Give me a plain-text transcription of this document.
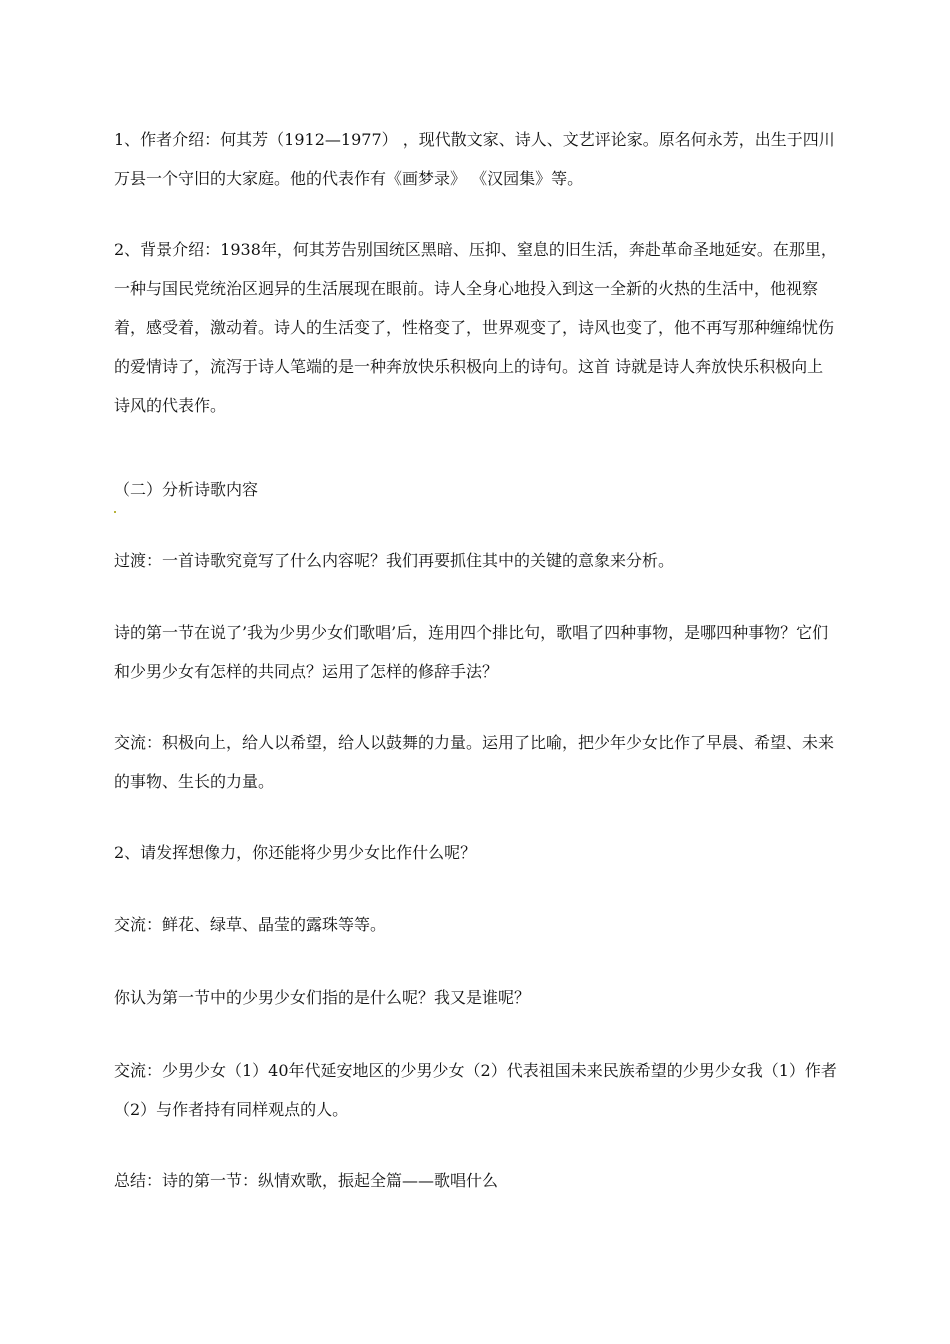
1、作者介绍：何其芳（1912—1977） ，现代散文家、诗人、文艺评论家。原名何永芳，出生于四川万县一个守旧的大家庭。他的代表作有《画梦录》 《汉园集》等。

2、背景介绍：1938年，何其芳告别国统区黑暗、压抑、窒息的旧生活，奔赴革命圣地延安。在那里，一种与国民党统治区迥异的生活展现在眼前。诗人全身心地投入到这一全新的火热的生活中，他视察着，感受着，激动着。诗人的生活变了，性格变了，世界观变了，诗风也变了，他不再写那种缠绵忧伤的爱情诗了，流泻于诗人笔端的是一种奔放快乐积极向上的诗句。这首 诗就是诗人奔放快乐积极向上诗风的代表作。

（二）分析诗歌内容

过渡：一首诗歌究竟写了什么内容呢？我们再要抓住其中的关键的意象来分析。

诗的第一节在说了’我为少男少女们歌唱’后，连用四个排比句，歌唱了四种事物，是哪四种事物？它们和少男少女有怎样的共同点？运用了怎样的修辞手法？

交流：积极向上，给人以希望，给人以鼓舞的力量。运用了比喻，把少年少女比作了早晨、希望、未来的事物、生长的力量。

2、请发挥想像力，你还能将少男少女比作什么呢？

交流：鲜花、绿草、晶莹的露珠等等。

你认为第一节中的少男少女们指的是什么呢？我又是谁呢？

交流：少男少女（1）40年代延安地区的少男少女（2）代表祖国未来民族希望的少男少女我（1）作者（2）与作者持有同样观点的人。

总结：诗的第一节：纵情欢歌，振起全篇——歌唱什么
